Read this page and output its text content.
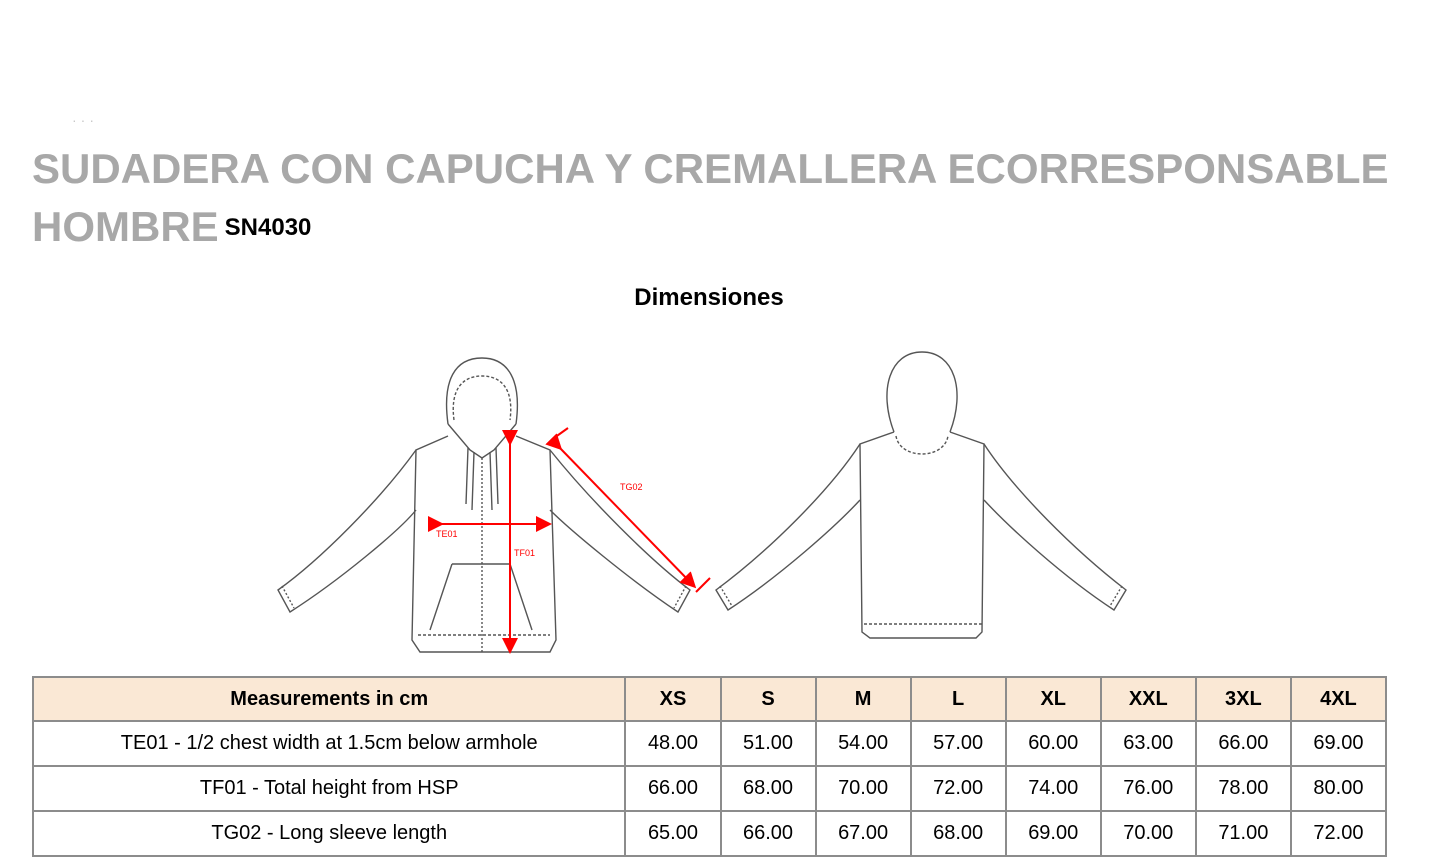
···
SUDADERA CON CAPUCHA Y CREMALLERA ECORRESPONSABLE HOMBRE SN4030
Dimensiones
TE01
TF01
TG02
Measurements in cm	XS	S	M	L	XL	XXL	3XL	4XL
TE01 - 1/2 chest width at 1.5cm below armhole	48.00	51.00	54.00	57.00	60.00	63.00	66.00	69.00
TF01 - Total height from HSP	66.00	68.00	70.00	72.00	74.00	76.00	78.00	80.00
TG02 - Long sleeve length	65.00	66.00	67.00	68.00	69.00	70.00	71.00	72.00
